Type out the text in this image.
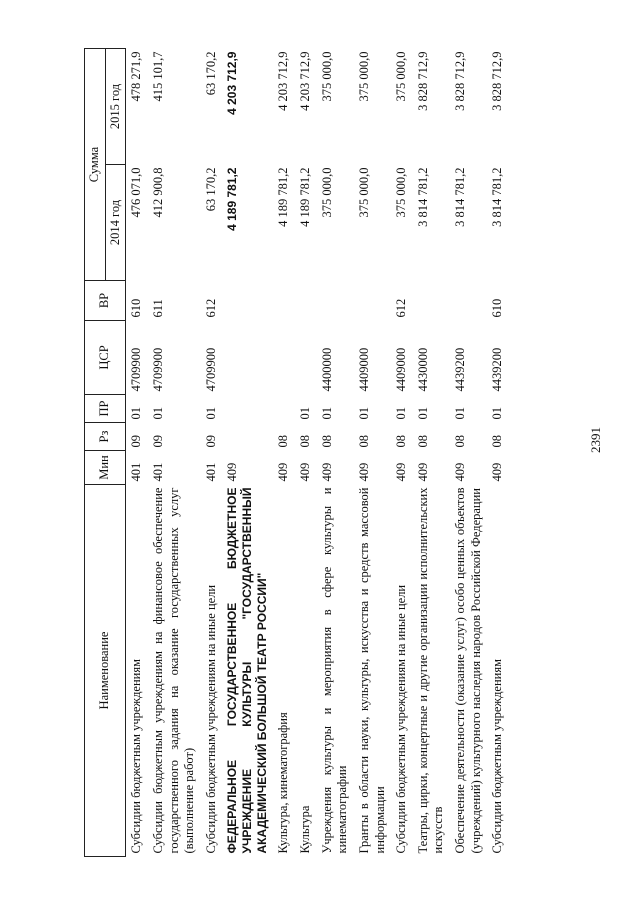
2391
Наименование	Мин	Рз	ПР	ЦСР	ВР	Сумма	
						2014 год	2015 год
Субсидии бюджетным учреждениям	401	09	01	4709900	610	476 071,0	478 271,9
Субсидии бюджетным учреждениям на финансовое обеспечение государственного задания на оказание государственных услуг (выполнение работ)	401	09	01	4709900	611	412 900,8	415 101,7
Субсидии бюджетным учреждениям на иные цели	401	09	01	4709900	612	63 170,2	63 170,2
ФЕДЕРАЛЬНОЕ ГОСУДАРСТВЕННОЕ БЮДЖЕТНОЕ УЧРЕЖДЕНИЕ КУЛЬТУРЫ "ГОСУДАРСТВЕННЫЙ АКАДЕМИЧЕСКИЙ БОЛЬШОЙ ТЕАТР РОССИИ"	409					4 189 781,2	4 203 712,9
Культура, кинематография	409	08				4 189 781,2	4 203 712,9
Культура	409	08	01			4 189 781,2	4 203 712,9
Учреждения культуры и мероприятия в сфере культуры и кинематографии	409	08	01	4400000		375 000,0	375 000,0
Гранты в области науки, культуры, искусства и средств массовой информации	409	08	01	4409000		375 000,0	375 000,0
Субсидии бюджетным учреждениям на иные цели	409	08	01	4409000	612	375 000,0	375 000,0
Театры, цирки, концертные и другие организации исполнительских искусств	409	08	01	4430000		3 814 781,2	3 828 712,9
Обеспечение деятельности (оказание услуг) особо ценных объектов (учреждений) культурного наследия народов Российской Федерации	409	08	01	4439200		3 814 781,2	3 828 712,9
Субсидии бюджетным учреждениям	409	08	01	4439200	610	3 814 781,2	3 828 712,9
